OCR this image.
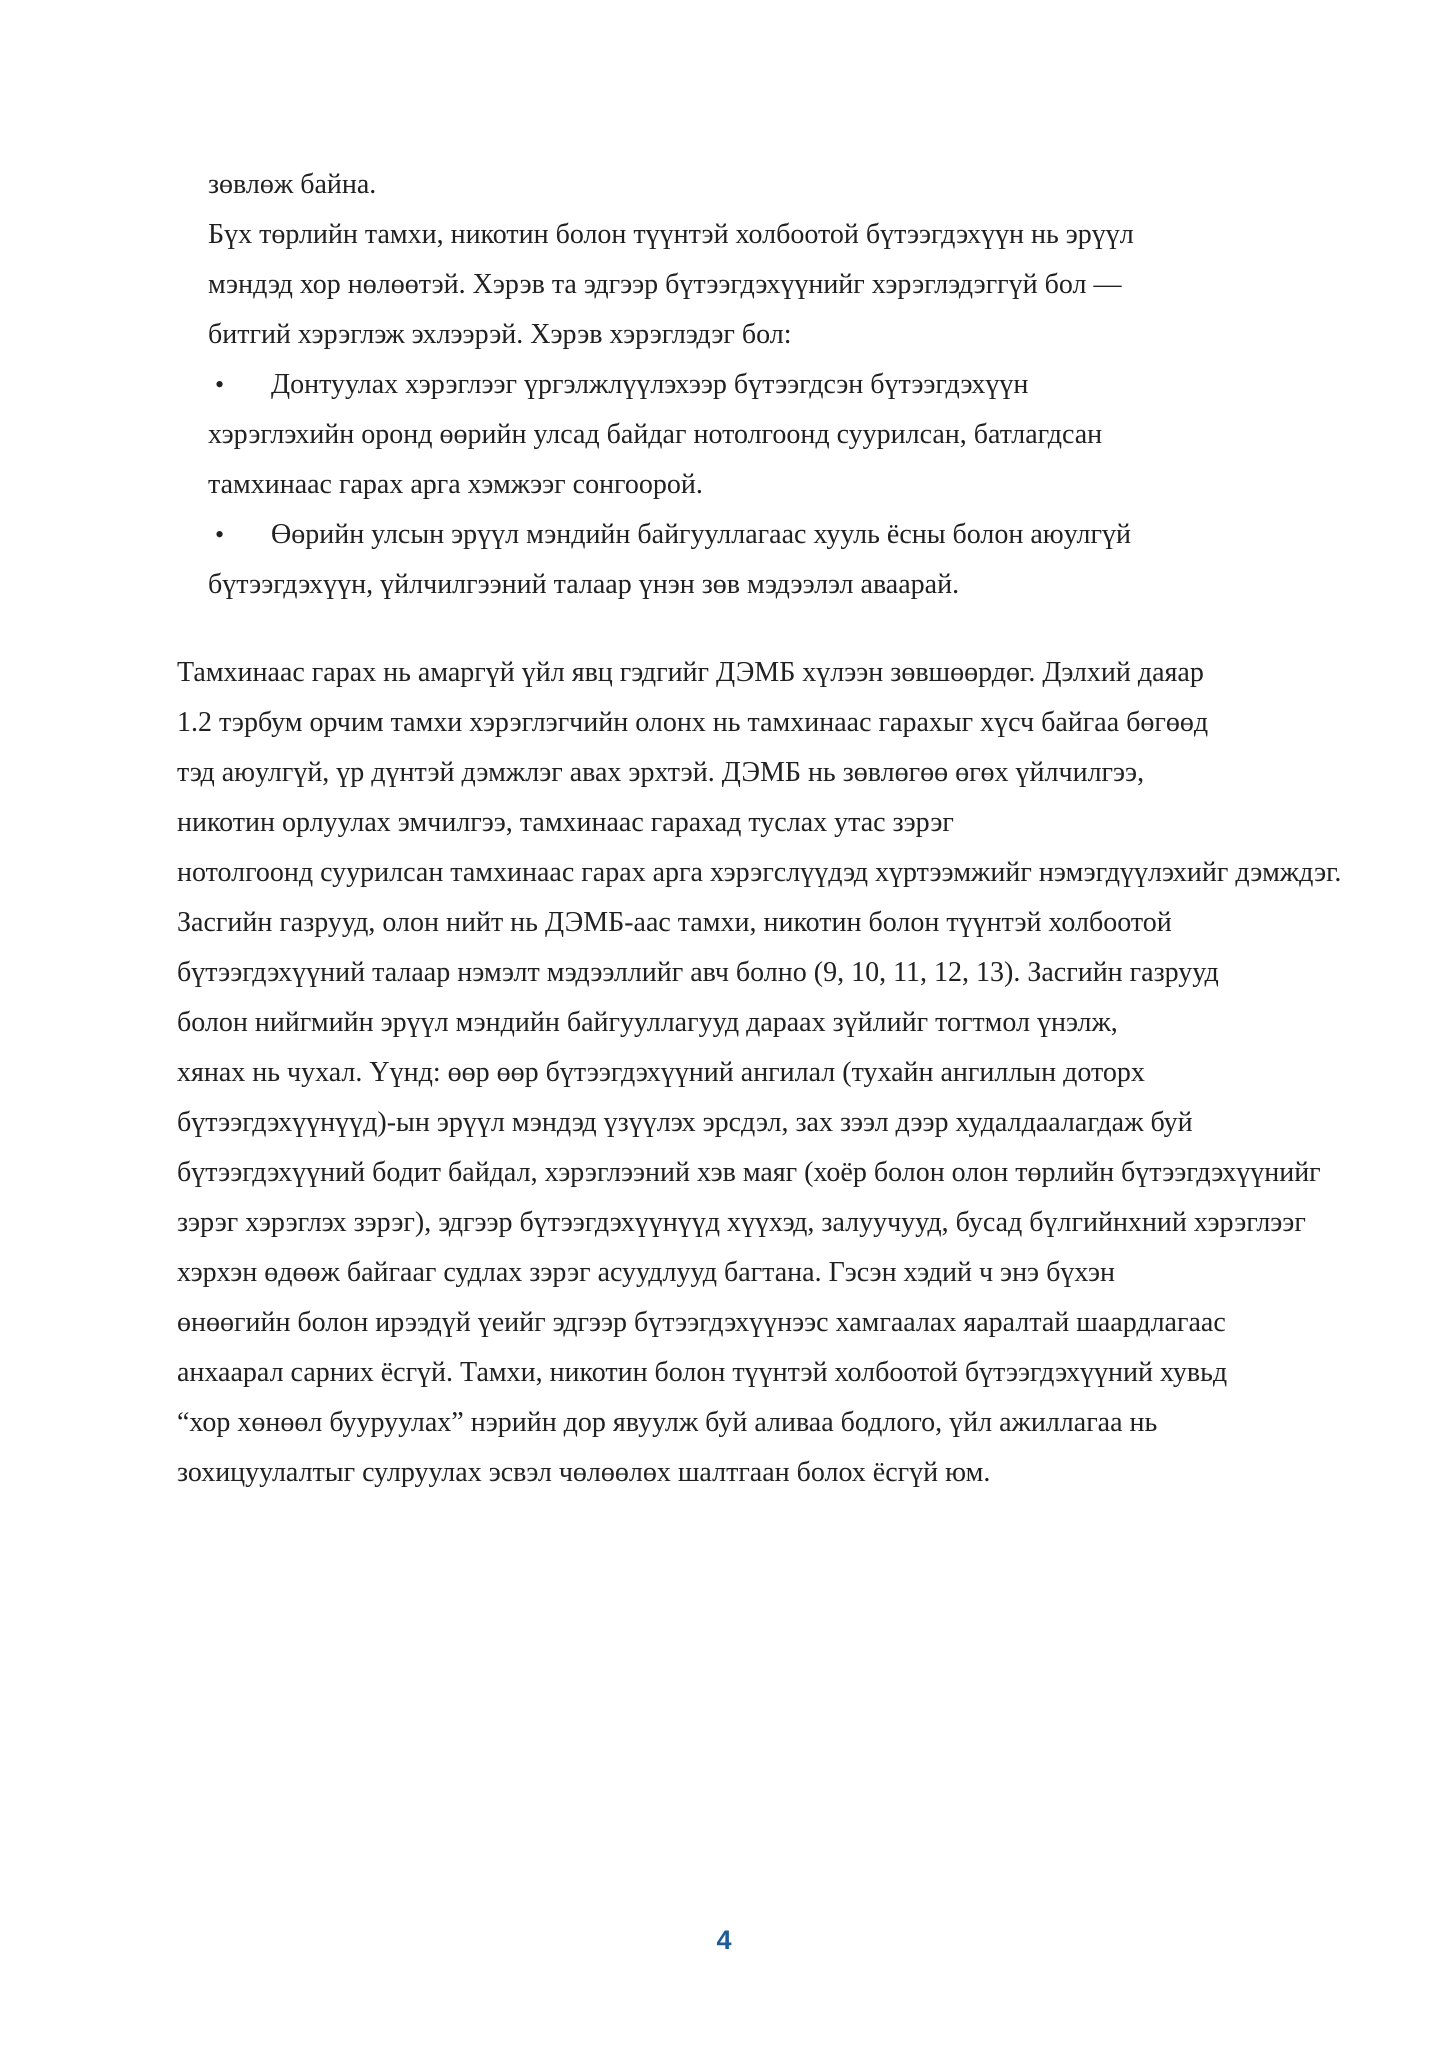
зөвлөж байна.
Бүх төрлийн тамхи, никотин болон түүнтэй холбоотой бүтээгдэхүүн нь эрүүл
мэндэд хор нөлөөтэй. Хэрэв та эдгээр бүтээгдэхүүнийг хэрэглэдэггүй бол —
битгий хэрэглэж эхлээрэй. Хэрэв хэрэглэдэг бол:
• Донтуулах хэрэглээг үргэлжлүүлэхээр бүтээгдсэн бүтээгдэхүүн
хэрэглэхийн оронд өөрийн улсад байдаг нотолгоонд суурилсан, батлагдсан
тамхинаас гарах арга хэмжээг сонгоорой.
• Өөрийн улсын эрүүл мэндийн байгууллагаас хууль ёсны болон аюулгүй
бүтээгдэхүүн, үйлчилгээний талаар үнэн зөв мэдээлэл аваарай.
Тамхинаас гарах нь амаргүй үйл явц гэдгийг ДЭМБ хүлээн зөвшөөрдөг. Дэлхий даяар
1.2 тэрбум орчим тамхи хэрэглэгчийн олонх нь тамхинаас гарахыг хүсч байгаа бөгөөд
тэд аюулгүй, үр дүнтэй дэмжлэг авах эрхтэй. ДЭМБ нь зөвлөгөө өгөх үйлчилгээ,
никотин орлуулах эмчилгээ, тамхинаас гарахад туслах утас зэрэг
нотолгоонд суурилсан тамхинаас гарах арга хэрэгслүүдэд хүртээмжийг нэмэгдүүлэхийг дэмждэг.
Засгийн газрууд, олон нийт нь ДЭМБ-аас тамхи, никотин болон түүнтэй холбоотой
бүтээгдэхүүний талаар нэмэлт мэдээллийг авч болно (9, 10, 11, 12, 13). Засгийн газрууд
болон нийгмийн эрүүл мэндийн байгууллагууд дараах зүйлийг тогтмол үнэлж,
хянах нь чухал. Үүнд: өөр өөр бүтээгдэхүүний ангилал (тухайн ангиллын доторх
бүтээгдэхүүнүүд)-ын эрүүл мэндэд үзүүлэх эрсдэл, зах зээл дээр худалдаалагдаж буй
бүтээгдэхүүний бодит байдал, хэрэглээний хэв маяг (хоёр болон олон төрлийн бүтээгдэхүүнийг
зэрэг хэрэглэх зэрэг), эдгээр бүтээгдэхүүнүүд хүүхэд, залуучууд, бусад бүлгийнхний хэрэглээг
хэрхэн өдөөж байгааг судлах зэрэг асуудлууд багтана. Гэсэн хэдий ч энэ бүхэн
өнөөгийн болон ирээдүй үеийг эдгээр бүтээгдэхүүнээс хамгаалах яаралтай шаардлагаас
анхаарал сарних ёсгүй. Тамхи, никотин болон түүнтэй холбоотой бүтээгдэхүүний хувьд
“хор хөнөөл бууруулах” нэрийн дор явуулж буй аливаа бодлого, үйл ажиллагаа нь
зохицуулалтыг сулруулах эсвэл чөлөөлөх шалтгаан болох ёсгүй юм.
4
